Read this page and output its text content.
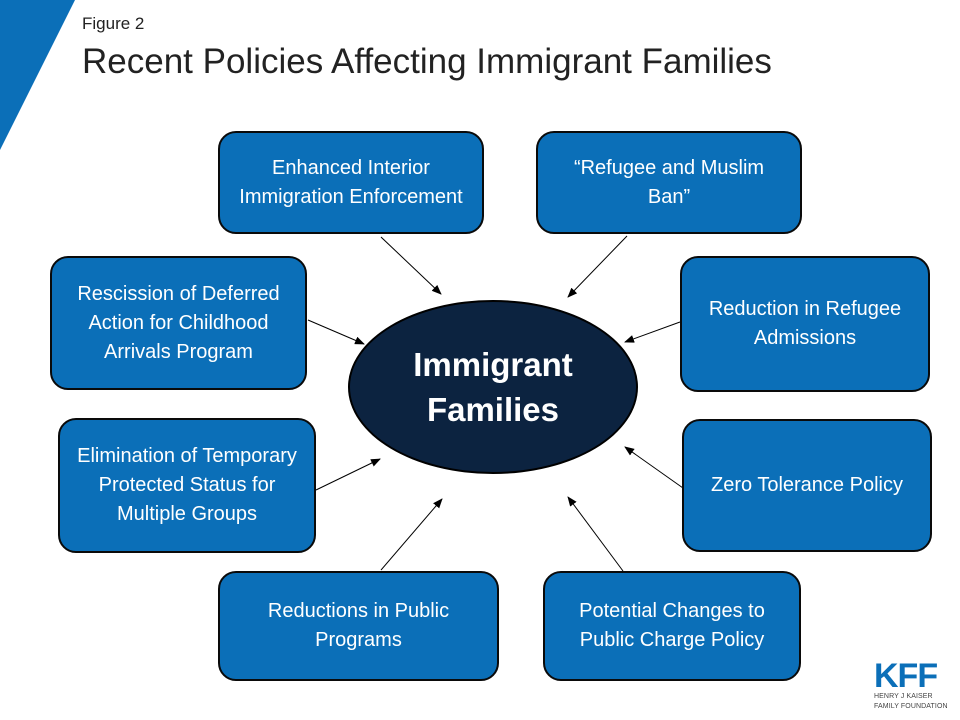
Figure 2
Recent Policies Affecting Immigrant Families
Enhanced Interior Immigration Enforcement
“Refugee and Muslim Ban”
Rescission of Deferred Action for Childhood Arrivals Program
Reduction in Refugee Admissions
Elimination of Temporary Protected Status for Multiple Groups
Zero Tolerance Policy
Reductions in Public Programs
Potential Changes to Public Charge Policy
Immigrant
Families
KFF
HENRY J KAISER
FAMILY FOUNDATION
